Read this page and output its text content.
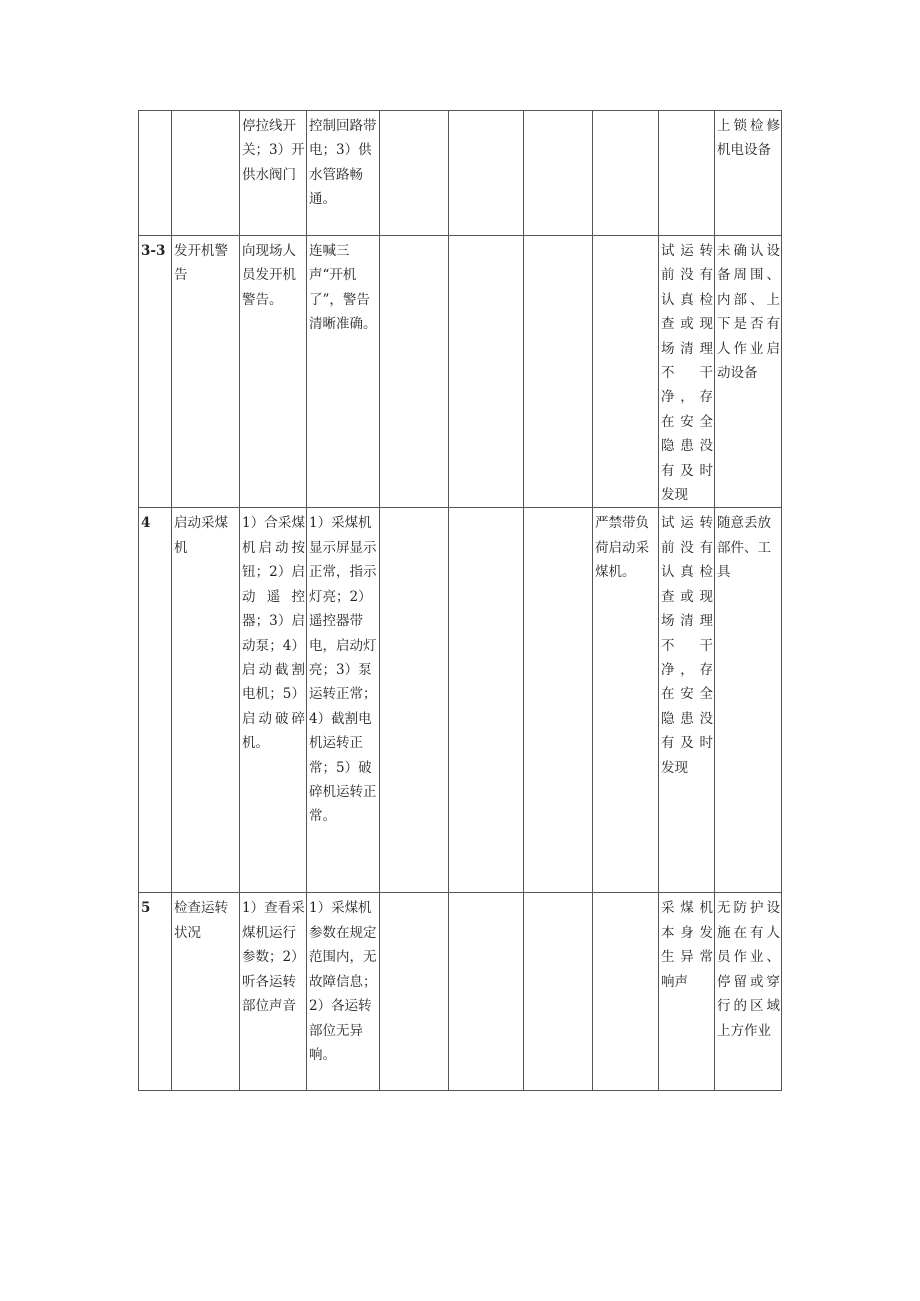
		停拉线开关；3）开供水阀门	控制回路带电；3）供水管路畅通。						上锁检修机电设备
3-3	发开机警告	向现场人员发开机警告。	连喊三声“开机了”，警告清晰准确。					试运转前没有认真检查或现场清理不干净，存在安全隐患没有及时发现	未确认设备周围、内部、上下是否有人作业启动设备
4	启动采煤机	1）合采煤机启动按钮；2）启动遥控器；3）启动泵；4）启动截割电机；5）启动破碎机。	1）采煤机显示屏显示正常，指示灯亮；2）遥控器带电，启动灯亮；3）泵运转正常；4）截割电机运转正常；5）破碎机运转正常。				严禁带负荷启动采煤机。	试运转前没有认真检查或现场清理不干净，存在安全隐患没有及时发现	随意丢放部件、工具
5	检查运转状况	1）查看采煤机运行参数；2）听各运转部位声音	1）采煤机参数在规定范围内，无故障信息；2）各运转部位无异响。					采煤机本身发生异常响声	无防护设施在有人员作业、停留或穿行的区域上方作业
